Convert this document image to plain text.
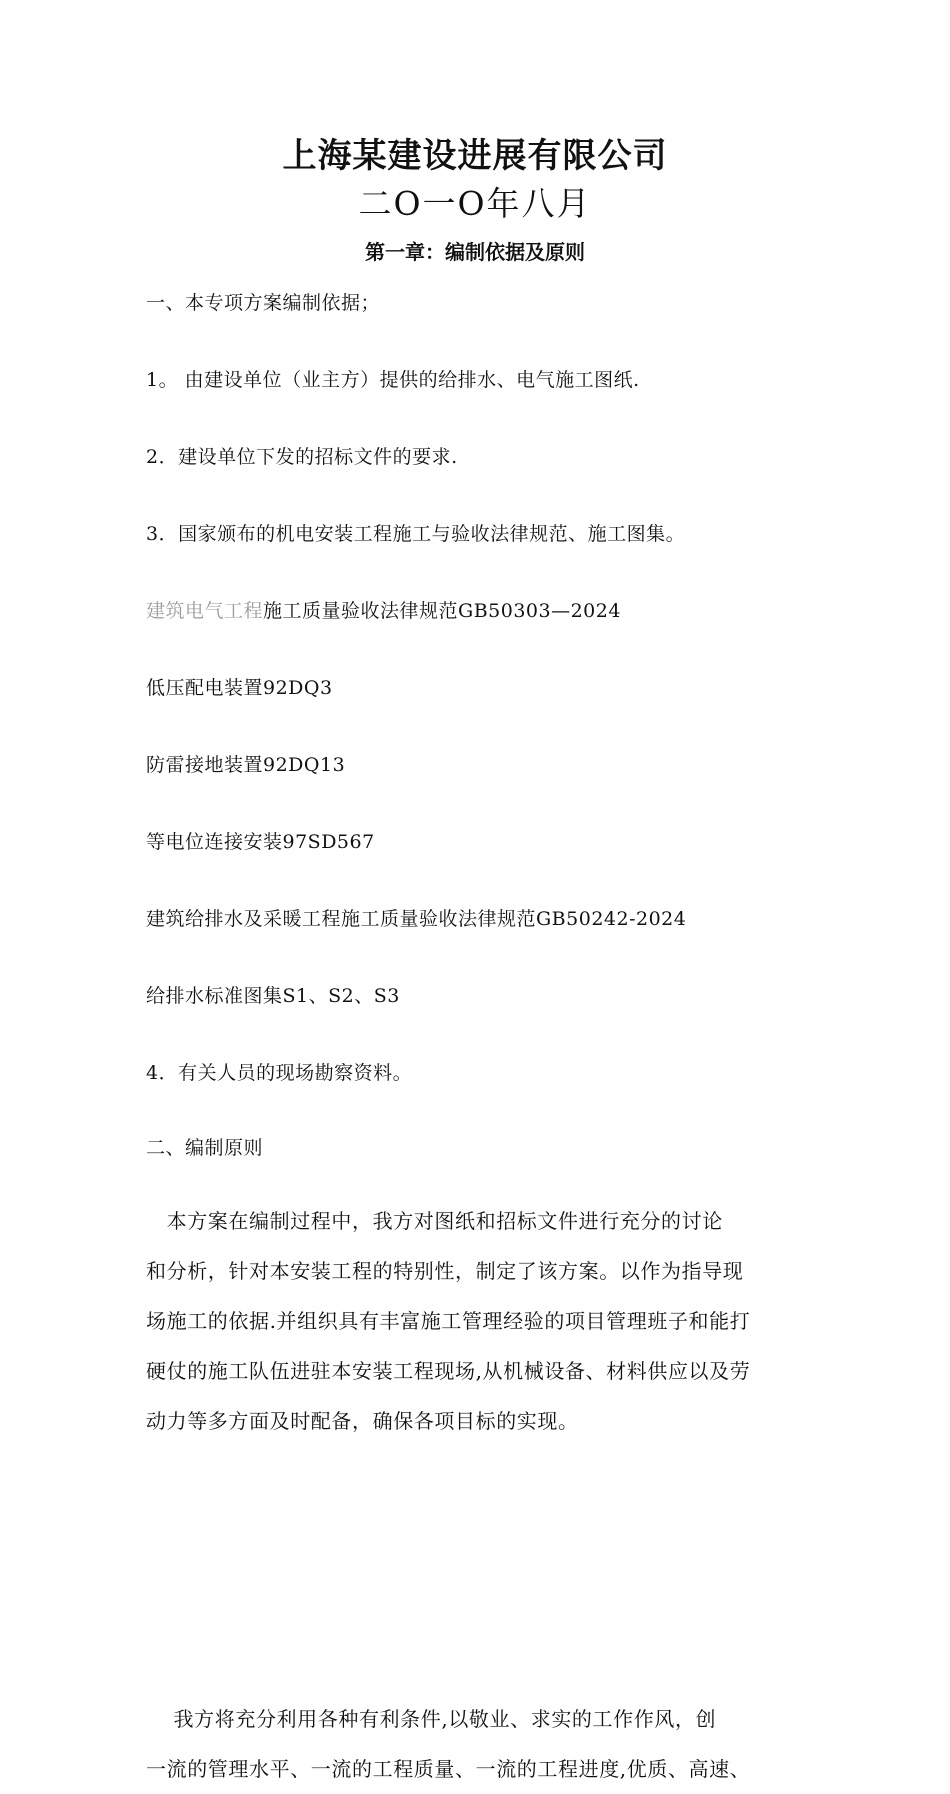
上海某建设进展有限公司
二O一O年八月
第一章：编制依据及原则
一、本专项方案编制依据；
1。 由建设单位（业主方）提供的给排水、电气施工图纸.
2．建设单位下发的招标文件的要求.
3．国家颁布的机电安装工程施工与验收法律规范、施工图集。
建筑电气工程施工质量验收法律规范GB50303—2024
低压配电装置92DQ3
防雷接地装置92DQ13
等电位连接安装97SD567
建筑给排水及采暖工程施工质量验收法律规范GB50242-2024
给排水标准图集S1、S2、S3
4．有关人员的现场勘察资料。
二、编制原则
　本方案在编制过程中，我方对图纸和招标文件进行充分的讨论
和分析，针对本安装工程的特别性，制定了该方案。以作为指导现
场施工的依据.并组织具有丰富施工管理经验的项目管理班子和能打
硬仗的施工队伍进驻本安装工程现场,从机械设备、材料供应以及劳
动力等多方面及时配备，确保各项目标的实现。
　 我方将充分利用各种有利条件,以敬业、求实的工作作风，创
一流的管理水平、一流的工程质量、一流的工程进度,优质、高速、
